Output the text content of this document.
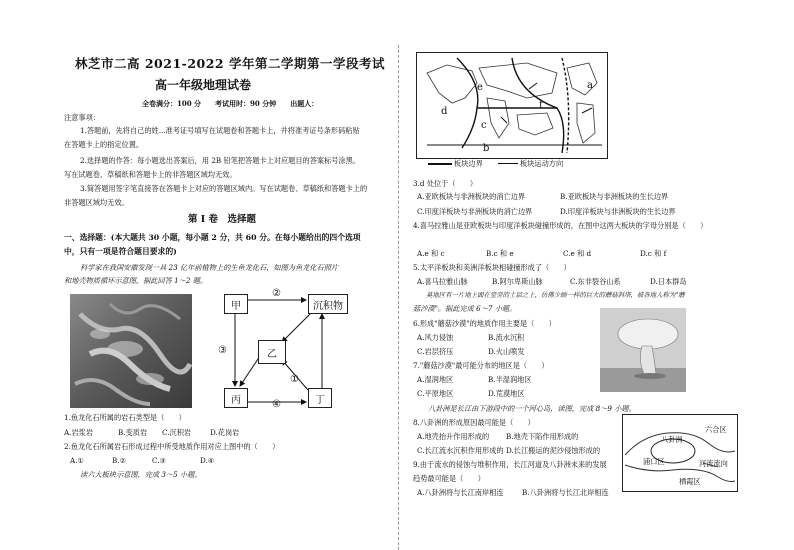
林芝市二高 2021-2022 学年第二学期第一学段考试
高一年级地理试卷
全卷满分：100 分　　考试用时：90 分钟　　出题人：
注意事项：
1.答题前，先将自己的姓...准考证号填写在试题卷和答题卡上，并将准考证号条形码粘贴
在答题卡上的指定位置。
2.选择题的作答：每小题选出答案后，用 2B 铅笔把答题卡上对应题目的答案标号涂黑。
写在试题卷、草稿纸和答题卡上的非答题区域均无效。
3.简答题用签字笔直接答在答题卡上对应的答题区域内。写在试题卷、草稿纸和答题卡上的
非答题区域均无效。
第 I 卷　选择题
一、选择题：(本大题共 30 小题，每小题 2 分，共 60 分。在每小题给出的四个选项
中，只有一项是符合题目要求的)
科学家在我国安徽发现一具 23 亿年前植物上的生鱼龙化石，如图为鱼龙化石照片
和地壳物质循环示意图，据此回答 1～2 题。
甲	沉积物
乙
丙	丁
②
③
①
④
1.鱼龙化石所属的岩石类型是（　　）
A.岩浆岩	B.变质岩 C.沉积岩	D.花岗岩
2.鱼龙化石所属岩石形成过程中所受地质作用对应上图中的（　　）
A.①	B.②	C.③	D.④
读六大板块示意图，完成 3～5 小题。
e
d
c
f
a
b
板块边界	板块运动方向
3.d 处位于（　　）
A.亚欧板块与非洲板块的消亡边界	B.亚欧板块与非洲板块的生长边界
C.印度洋板块与非洲板块的消亡边界	D.印度洋板块与非洲板块的生长边界
4.喜马拉雅山是亚欧板块与印度洋板块碰撞形成的，在图中这两大板块的字母分别是（　　）
A.e 和 c	B.c 和 e	C.e 和 d	D.c 和 f
5.太平洋板块和美洲洋板块相碰撞形成了（　　）
A.喜马拉雅山脉	B.阿尔卑斯山脉	C.东非裂谷山系	D.日本群岛
莫地区有一片地上面在堂旁的土层之上，仿佛少顾一样的巨大的蘑菇斜塔，被各地人称为"蘑
菇沙漠"。据此完成 6～7 小题。
6.形成"蘑菇沙漠"的地质作用主要是（　　）
A.风力侵蚀	B.流水沉积
C.岩层挤压	D.火山喷发
7."蘑菇沙漠"最可能分布的地区是（　　）
A.湿润地区	B.半湿润地区
C.平原地区	D.荒漠地区
八卦洲是长江由下游段中的一个河心岛，读图，完成 8～9 小题。
8.八卦洲的形成原因最可能是（　　）
A.地壳抬升作用形成的 B.地壳下陷作用形成的
C.长江流水沉积作用形成的 D.长江搬运的泥沙侵蚀形成的
9.由于流水的侵蚀与堆积作用，长江河道及八卦洲未来的发展
趋势最可能是（　　）
A.八卦洲将与长江南岸相连	B.八卦洲将与长江北岸相连
八卦洲
六合区
浦口区	河流流向
栖霞区
